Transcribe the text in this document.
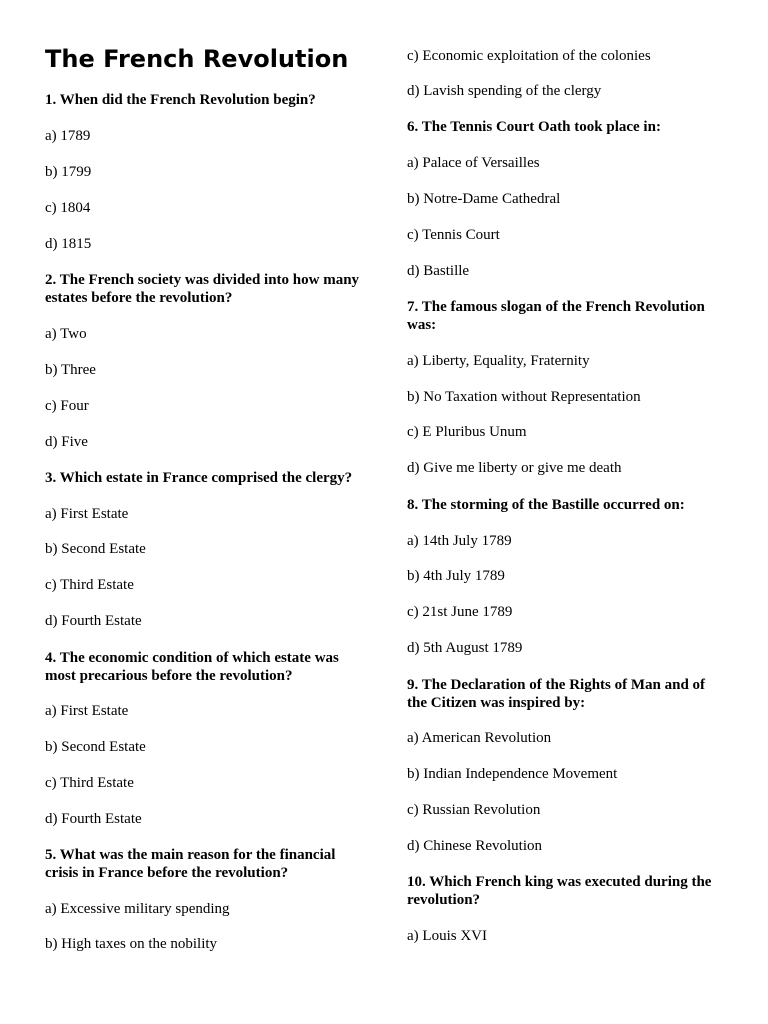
The French Revolution
1. When did the French Revolution begin?
a) 1789
b) 1799
c) 1804
d) 1815
2. The French society was divided into how many estates before the revolution?
a) Two
b) Three
c) Four
d) Five
3. Which estate in France comprised the clergy?
a) First Estate
b) Second Estate
c) Third Estate
d) Fourth Estate
4. The economic condition of which estate was most precarious before the revolution?
a) First Estate
b) Second Estate
c) Third Estate
d) Fourth Estate
5. What was the main reason for the financial crisis in France before the revolution?
a) Excessive military spending
b) High taxes on the nobility
c) Economic exploitation of the colonies
d) Lavish spending of the clergy
6. The Tennis Court Oath took place in:
a) Palace of Versailles
b) Notre-Dame Cathedral
c) Tennis Court
d) Bastille
7. The famous slogan of the French Revolution was:
a) Liberty, Equality, Fraternity
b) No Taxation without Representation
c) E Pluribus Unum
d) Give me liberty or give me death
8. The storming of the Bastille occurred on:
a) 14th July 1789
b) 4th July 1789
c) 21st June 1789
d) 5th August 1789
9. The Declaration of the Rights of Man and of the Citizen was inspired by:
a) American Revolution
b) Indian Independence Movement
c) Russian Revolution
d) Chinese Revolution
10. Which French king was executed during the revolution?
a) Louis XVI
